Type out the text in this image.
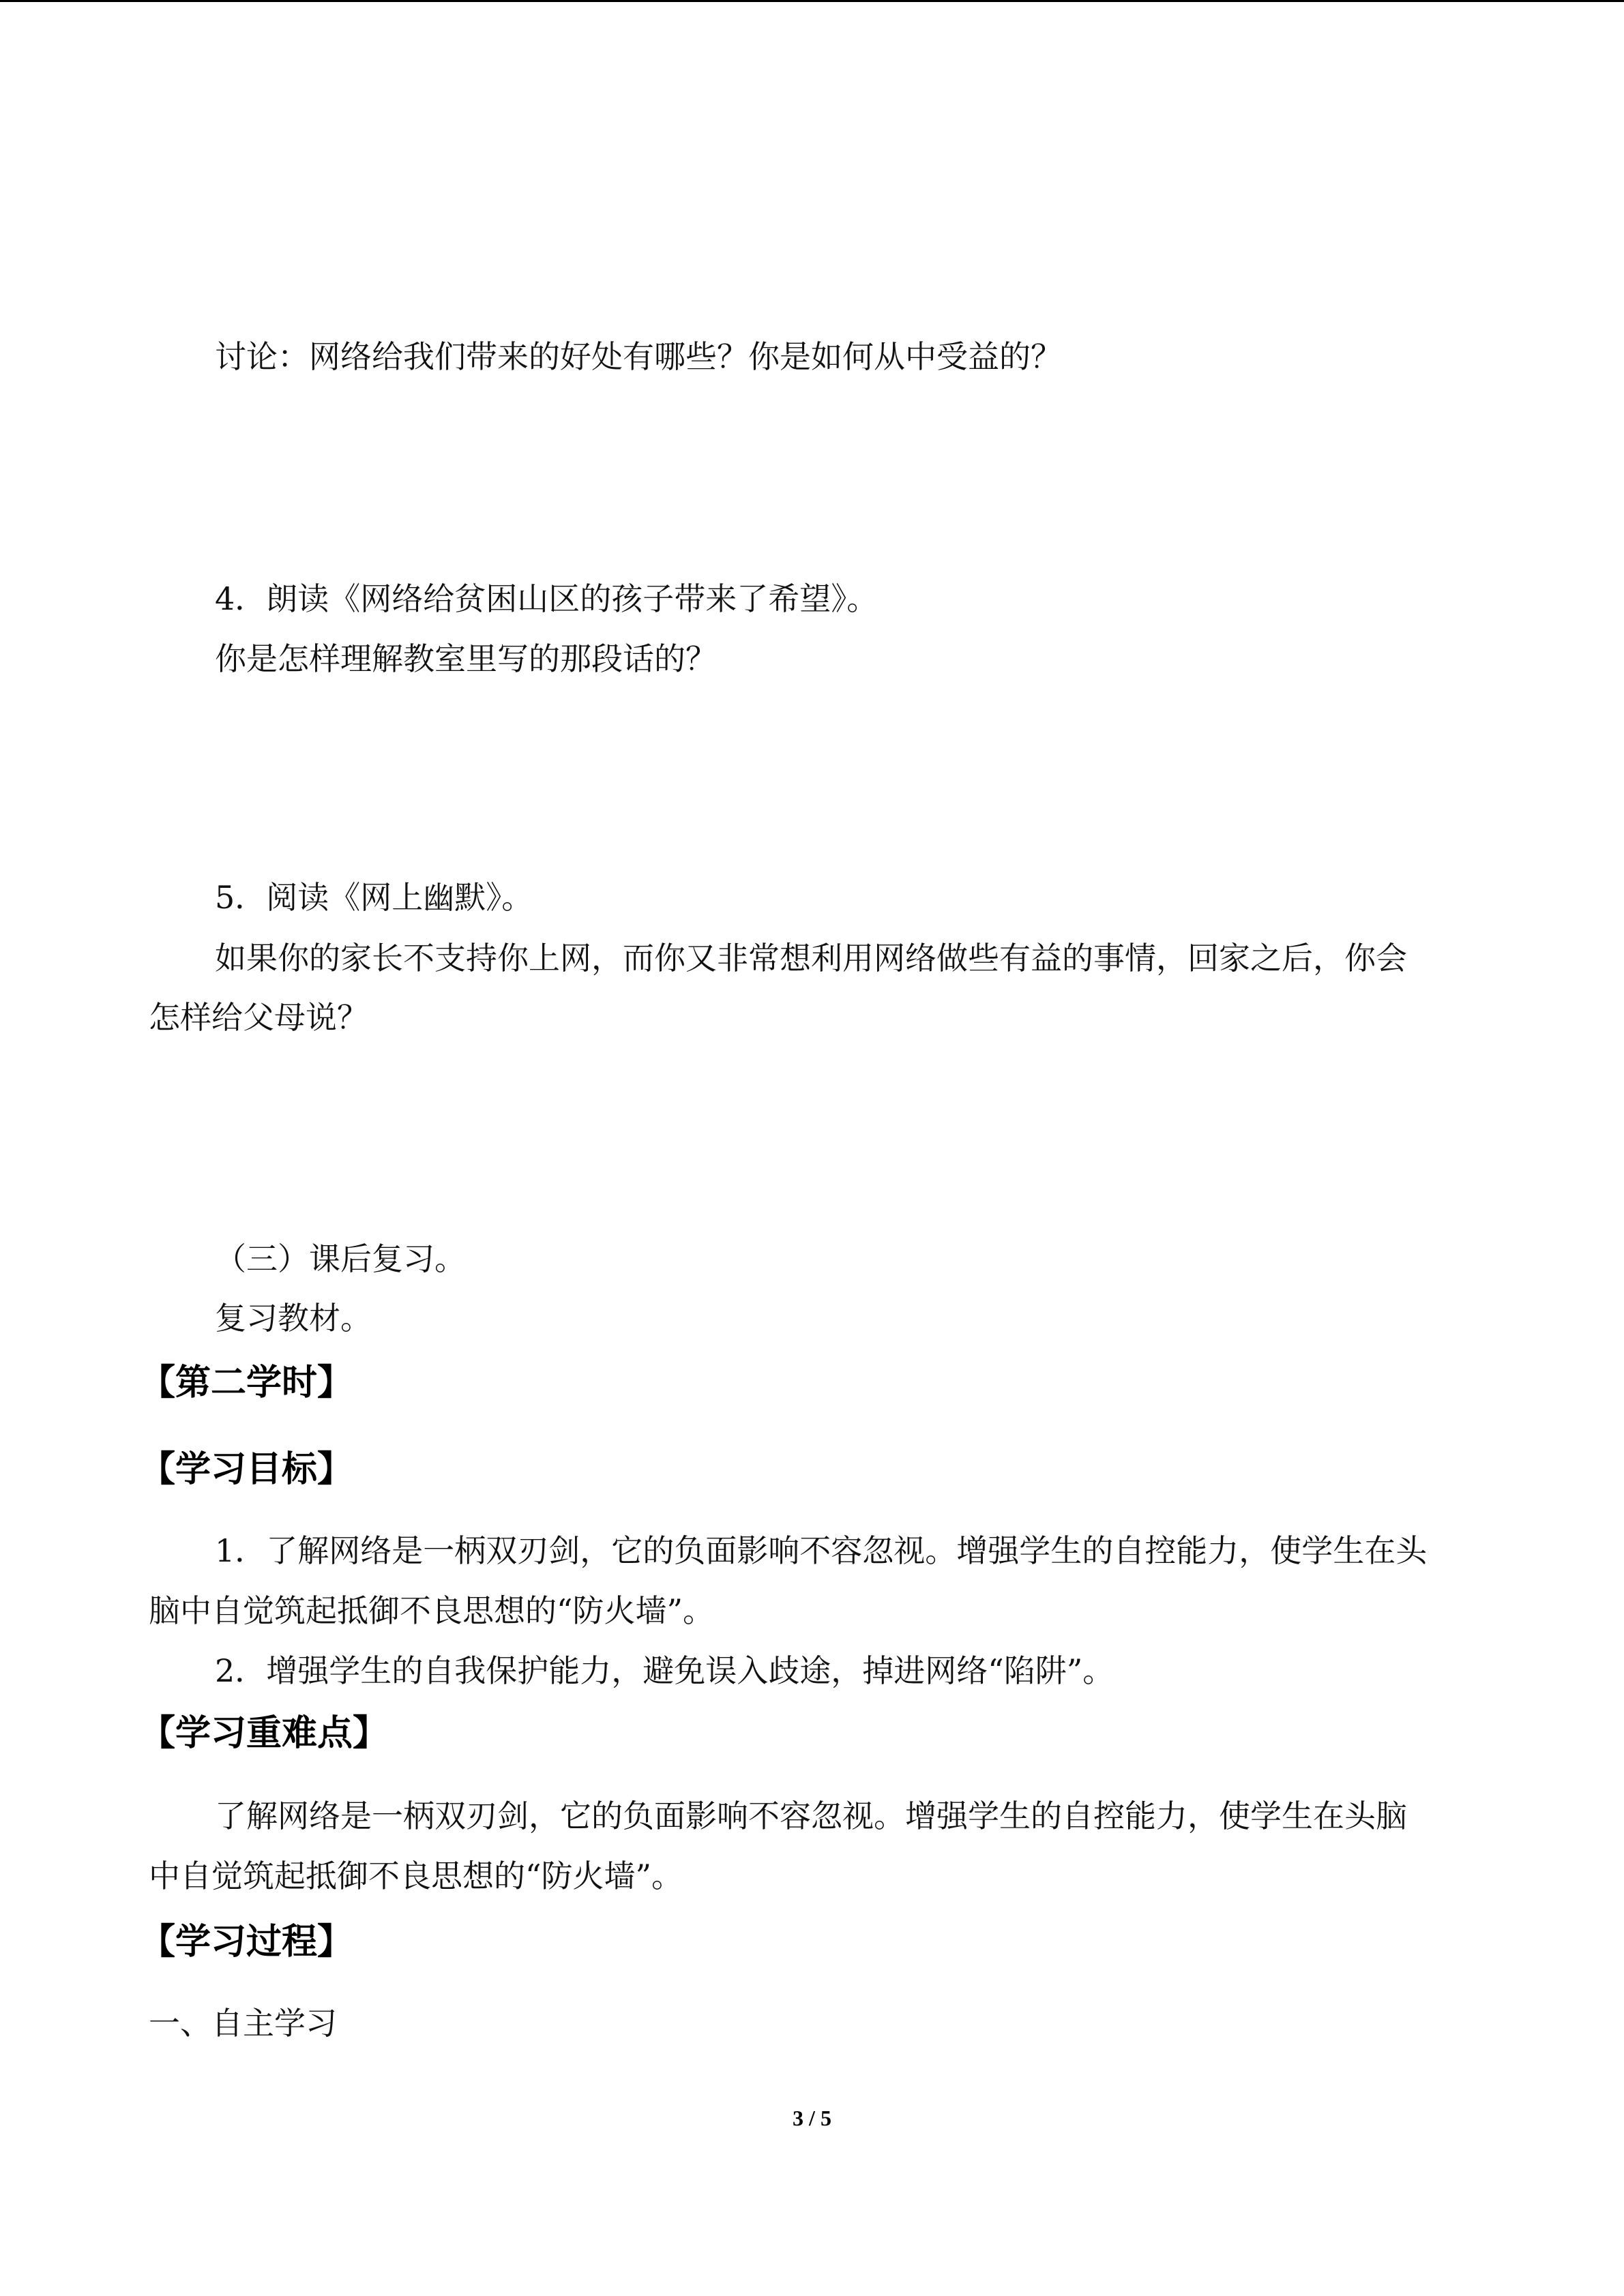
讨论：网络给我们带来的好处有哪些？你是如何从中受益的？
4．朗读《网络给贫困山区的孩子带来了希望》。
你是怎样理解教室里写的那段话的？
5．阅读《网上幽默》。
如果你的家长不支持你上网，而你又非常想利用网络做些有益的事情，回家之后，你会
怎样给父母说？
（三）课后复习。
复习教材。
【第二学时】
【学习目标】
1．了解网络是一柄双刃剑，它的负面影响不容忽视。增强学生的自控能力，使学生在头
脑中自觉筑起抵御不良思想的“防火墙”。
2．增强学生的自我保护能力，避免误入歧途，掉进网络“陷阱”。
【学习重难点】
了解网络是一柄双刃剑，它的负面影响不容忽视。增强学生的自控能力，使学生在头脑
中自觉筑起抵御不良思想的“防火墙”。
【学习过程】
一、自主学习
3 / 5
